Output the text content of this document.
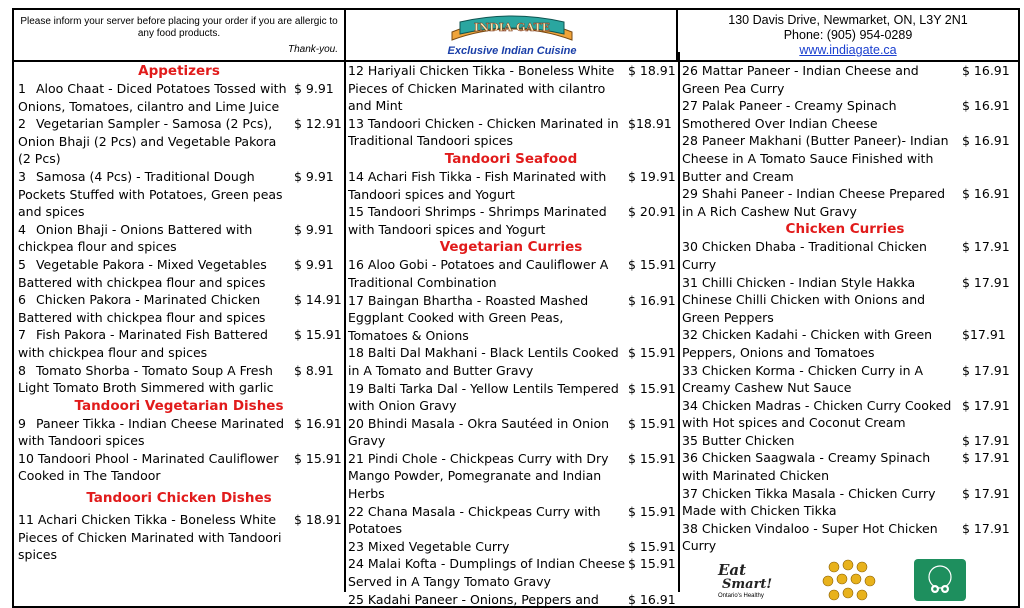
Please inform your server before placing your order if you are allergic to any food products.
Thank-you.
INDIA GATE
Exclusive Indian Cuisine
130 Davis Drive, Newmarket, ON, L3Y 2N1
Phone: (905) 954-0289
www.indiagate.ca
Appetizers
1 Aloo Chaat - Diced Potatoes Tossed with Onions, Tomatoes, cilantro and Lime Juice
$ 9.91
2 Vegetarian Sampler - Samosa (2 Pcs), Onion Bhaji (2 Pcs) and Vegetable Pakora (2 Pcs)
$ 12.91
3 Samosa (4 Pcs) - Traditional Dough Pockets Stuffed with Potatoes, Green peas and spices
$ 9.91
4 Onion Bhaji - Onions Battered with chickpea flour and spices
$ 9.91
5 Vegetable Pakora - Mixed Vegetables Battered with chickpea flour and spices
$ 9.91
6 Chicken Pakora - Marinated Chicken Battered with chickpea flour and spices
$ 14.91
7 Fish Pakora - Marinated Fish Battered with chickpea flour and spices
$ 15.91
8 Tomato Shorba - Tomato Soup A Fresh Light Tomato Broth Simmered with garlic
$ 8.91
Tandoori Vegetarian Dishes
9 Paneer Tikka - Indian Cheese Marinated with Tandoori spices
$ 16.91
10 Tandoori Phool - Marinated Cauliflower Cooked in The Tandoor
$ 15.91
Tandoori Chicken Dishes
11 Achari Chicken Tikka - Boneless White Pieces of Chicken Marinated with Tandoori spices
$ 18.91
12 Hariyali Chicken Tikka - Boneless White Pieces of Chicken Marinated with cilantro and Mint
$ 18.91
13 Tandoori Chicken - Chicken Marinated in Traditional Tandoori spices
$18.91
Tandoori Seafood
14 Achari Fish Tikka - Fish Marinated with Tandoori spices and Yogurt
$ 19.91
15 Tandoori Shrimps - Shrimps Marinated with Tandoori spices and Yogurt
$ 20.91
Vegetarian Curries
16 Aloo Gobi - Potatoes and Cauliflower A Traditional Combination
$ 15.91
17 Baingan Bhartha - Roasted Mashed Eggplant Cooked with Green Peas, Tomatoes & Onions
$ 16.91
18 Balti Dal Makhani - Black Lentils Cooked in A Tomato and Butter Gravy
$ 15.91
19 Balti Tarka Dal - Yellow Lentils Tempered with Onion Gravy
$ 15.91
20 Bhindi Masala - Okra Sautéed in Onion Gravy
$ 15.91
21 Pindi Chole - Chickpeas Curry with Dry Mango Powder, Pomegranate and Indian Herbs
$ 15.91
22 Chana Masala - Chickpeas Curry with Potatoes
$ 15.91
23 Mixed Vegetable Curry	$ 15.91
24 Malai Kofta - Dumplings of Indian Cheese Served in A Tangy Tomato Gravy
$ 15.91
25 Kadahi Paneer - Onions, Peppers and $ 16.91
26 Mattar Paneer - Indian Cheese and Green Pea Curry
$ 16.91
27 Palak Paneer - Creamy Spinach Smothered Over Indian Cheese
$ 16.91
28 Paneer Makhani (Butter Paneer)- Indian Cheese in A Tomato Sauce Finished with Butter and Cream
$ 16.91
29 Shahi Paneer - Indian Cheese Prepared in A Rich Cashew Nut Gravy
$ 16.91
Chicken Curries
30 Chicken Dhaba - Traditional Chicken Curry
$ 17.91
31 Chilli Chicken - Indian Style Hakka Chinese Chilli Chicken with Onions and Green Peppers
$ 17.91
32 Chicken Kadahi - Chicken with Green Peppers, Onions and Tomatoes
$17.91
33 Chicken Korma - Chicken Curry in A Creamy Cashew Nut Sauce
$ 17.91
34 Chicken Madras - Chicken Curry Cooked with Hot spices and Coconut Cream
$ 17.91
35 Butter Chicken	$ 17.91
36 Chicken Saagwala - Creamy Spinach with Marinated Chicken
$ 17.91
37 Chicken Tikka Masala - Chicken Curry Made with Chicken Tikka
$ 17.91
38 Chicken Vindaloo - Super Hot Chicken Curry
$ 17.91
Eat
Smart!
Ontario's Healthy
